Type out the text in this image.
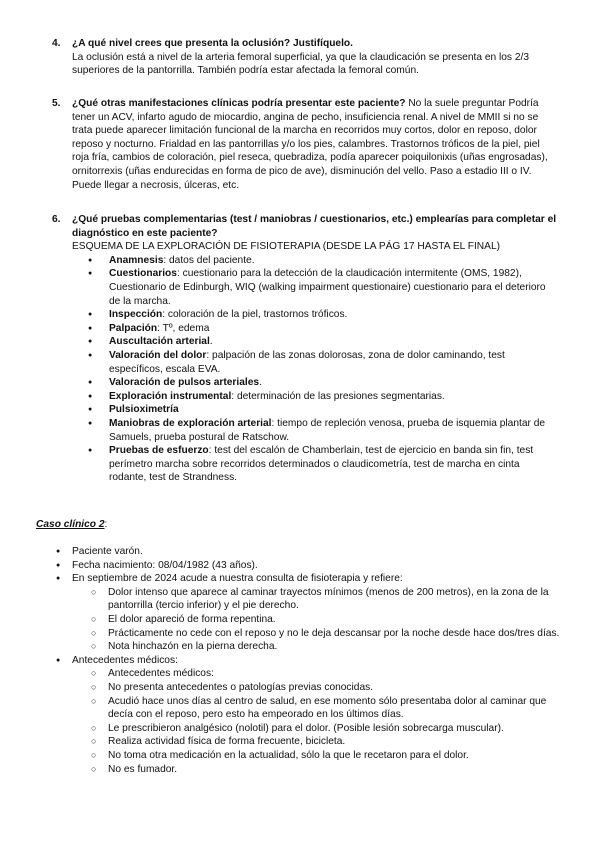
4. ¿A qué nivel crees que presenta la oclusión? Justifíquelo.
La oclusión está a nivel de la arteria femoral superficial, ya que la claudicación se presenta en los 2/3 superiores de la pantorrilla. También podría estar afectada la femoral común.
5. ¿Qué otras manifestaciones clínicas podría presentar este paciente? No la suele preguntar Podría tener un ACV, infarto agudo de miocardio, angina de pecho, insuficiencia renal. A nivel de MMII si no se trata puede aparecer limitación funcional de la marcha en recorridos muy cortos, dolor en reposo, dolor reposo y nocturno. Frialdad en las pantorrillas y/o los pies, calambres. Trastornos tróficos de la piel, piel roja fría, cambios de coloración, piel reseca, quebradiza, podía aparecer poiquilonixis (uñas engrosadas), ornitorrexis (uñas endurecidas en forma de pico de ave), disminución del vello. Paso a estadio III o IV. Puede llegar a necrosis, úlceras, etc.
6. ¿Qué pruebas complementarias (test / maniobras / cuestionarios, etc.) emplearías para completar el diagnóstico en este paciente?
ESQUEMA DE LA EXPLORACIÓN DE FISIOTERAPIA (DESDE LA PÁG 17 HASTA EL FINAL)
● Anamnesis: datos del paciente.
● Cuestionarios: cuestionario para la detección de la claudicación intermitente (OMS, 1982), Cuestionario de Edinburgh, WIQ (walking impairment questionaire) cuestionario para el deterioro de la marcha.
● Inspección: coloración de la piel, trastornos tróficos.
● Palpación: Tº, edema
● Auscultación arterial.
● Valoración del dolor: palpación de las zonas dolorosas, zona de dolor caminando, test específicos, escala EVA.
● Valoración de pulsos arteriales.
● Exploración instrumental: determinación de las presiones segmentarias.
● Pulsioximetría
● Maniobras de exploración arterial: tiempo de repleción venosa, prueba de isquemia plantar de Samuels, prueba postural de Ratschow.
● Pruebas de esfuerzo: test del escalón de Chamberlain, test de ejercicio en banda sin fin, test perímetro marcha sobre recorridos determinados o claudicometría, test de marcha en cinta rodante, test de Strandness.
Caso clínico 2:
● Paciente varón.
● Fecha nacimiento: 08/04/1982 (43 años).
● En septiembre de 2024 acude a nuestra consulta de fisioterapia y refiere:
○ Dolor intenso que aparece al caminar trayectos mínimos (menos de 200 metros), en la zona de la pantorrilla (tercio inferior) y el pie derecho.
○ El dolor apareció de forma repentina.
○ Prácticamente no cede con el reposo y no le deja descansar por la noche desde hace dos/tres días.
○ Nota hinchazón en la pierna derecha.
● Antecedentes médicos:
○ Antecedentes médicos:
○ No presenta antecedentes o patologías previas conocidas.
○ Acudió hace unos días al centro de salud, en ese momento sólo presentaba dolor al caminar que decía con el reposo, pero esto ha empeorado en los últimos días.
○ Le prescribieron analgésico (nolotil) para el dolor. (Posible lesión sobrecarga muscular).
○ Realiza actividad física de forma frecuente, bicicleta.
○ No toma otra medicación en la actualidad, sólo la que le recetaron para el dolor.
○ No es fumador.
